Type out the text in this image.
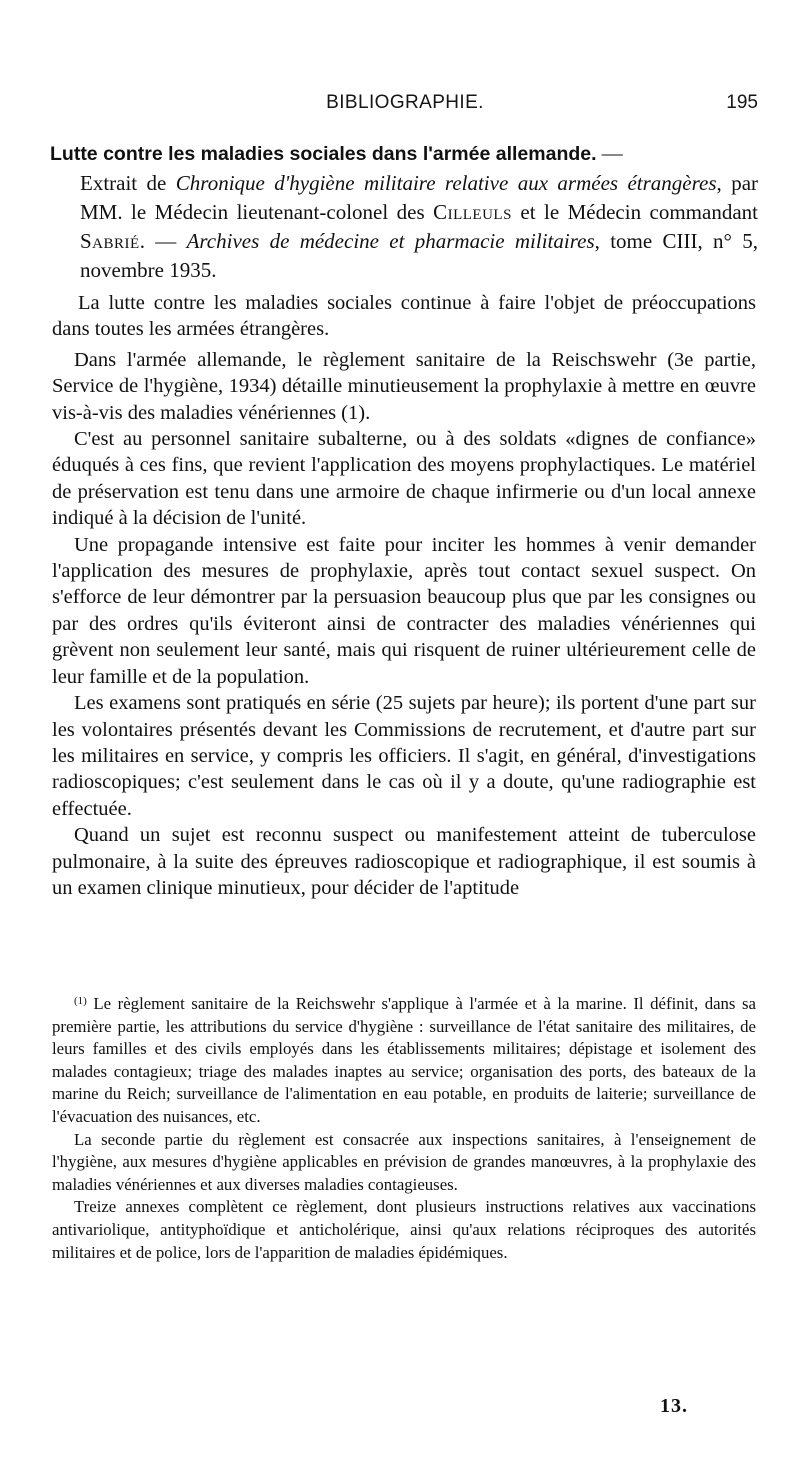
BIBLIOGRAPHIE.	195
Lutte contre les maladies sociales dans l'armée allemande. —
Extrait de Chronique d'hygiène militaire relative aux armées étrangères, par MM. le Médecin lieutenant-colonel des Cilleuls et le Médecin commandant Sabrié. — Archives de médecine et pharmacie militaires, tome CIII, n° 5, novembre 1935.

La lutte contre les maladies sociales continue à faire l'objet de préoccupations dans toutes les armées étrangères.

Dans l'armée allemande, le règlement sanitaire de la Reischswehr (3e partie, Service de l'hygiène, 1934) détaille minutieusement la prophylaxie à mettre en œuvre vis-à-vis des maladies vénériennes (1).

C'est au personnel sanitaire subalterne, ou à des soldats «dignes de confiance» éduqués à ces fins, que revient l'application des moyens prophylactiques. Le matériel de préservation est tenu dans une armoire de chaque infirmerie ou d'un local annexe indiqué à la décision de l'unité.

Une propagande intensive est faite pour inciter les hommes à venir demander l'application des mesures de prophylaxie, après tout contact sexuel suspect. On s'efforce de leur démontrer par la persuasion beaucoup plus que par les consignes ou par des ordres qu'ils éviteront ainsi de contracter des maladies vénériennes qui grèvent non seulement leur santé, mais qui risquent de ruiner ultérieurement celle de leur famille et de la population.

Les examens sont pratiqués en série (25 sujets par heure); ils portent d'une part sur les volontaires présentés devant les Commissions de recrutement, et d'autre part sur les militaires en service, y compris les officiers. Il s'agit, en général, d'investigations radioscopiques; c'est seulement dans le cas où il y a doute, qu'une radiographie est effectuée.

Quand un sujet est reconnu suspect ou manifestement atteint de tuberculose pulmonaire, à la suite des épreuves radioscopique et radiographique, il est soumis à un examen clinique minutieux, pour décider de l'aptitude

$^{(1)}$ Le règlement sanitaire de la Reichswehr s'applique à l'armée et à la marine. Il définit, dans sa première partie, les attributions du service d'hygiène : surveillance de l'état sanitaire des militaires, de leurs familles et des civils employés dans les établissements militaires; dépistage et isolement des malades contagieux; triage des malades inaptes au service; organisation des ports, des bateaux de la marine du Reich; surveillance de l'alimentation en eau potable, en produits de laiterie; surveillance de l'évacuation des nuisances, etc.

La seconde partie du règlement est consacrée aux inspections sanitaires, à l'enseignement de l'hygiène, aux mesures d'hygiène applicables en prévision de grandes manœuvres, à la prophylaxie des maladies vénériennes et aux diverses maladies contagieuses.

Treize annexes complètent ce règlement, dont plusieurs instructions relatives aux vaccinations antivariolique, antityphoïdique et anticholérique, ainsi qu'aux relations réciproques des autorités militaires et de police, lors de l'apparition de maladies épidémiques.

13.
